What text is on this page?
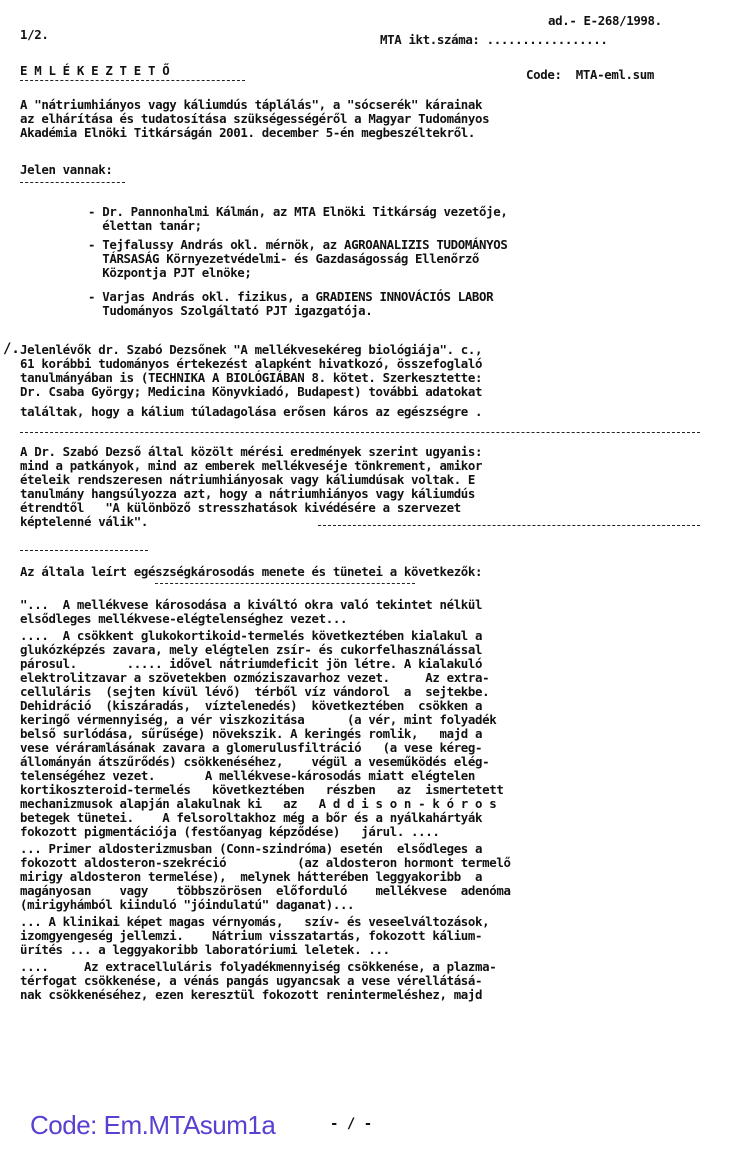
1/2.
ad.- E-268/1998.
MTA ikt.száma: .................
E M L É K E Z T E T Ő	Code:  MTA-eml.sum
A "nátriumhiányos vagy káliumdús táplálás", a "sócserék" kárainak
az elhárítása és tudatosítása szükségességéről a Magyar Tudományos
Akadémia Elnöki Titkárságán 2001. december 5-én megbeszéltekről.
Jelen vannak:
- Dr. Pannonhalmi Kálmán, az MTA Elnöki Titkárság vezetője,
élettan tanár;
- Tejfalussy András okl. mérnök, az AGROANALIZIS TUDOMÁNYOS
TÁRSASÁG Környezetvédelmi- és Gazdaságosság Ellenőrző
Központja PJT elnöke;
- Varjas András okl. fizikus, a GRADIENS INNOVÁCIÓS LABOR
Tudományos Szolgáltató PJT igazgatója.
/. Jelenlévők dr. Szabó Dezsőnek "A mellékvesekéreg biológiája". c.,
61 korábbi tudományos értekezést alapként hivatkozó, összefoglaló
tanulmányában is (TECHNIKA A BIOLÓGIÁBAN 8. kötet. Szerkesztette:
Dr. Csaba György; Medicina Könyvkiadó, Budapest) további adatokat
találtak, hogy a kálium túladagolása erősen káros az egészségre .
A Dr. Szabó Dezső által közölt mérési eredmények szerint ugyanis:
mind a patkányok, mind az emberek mellékveséje tönkrement, amikor
ételeik rendszeresen nátriumhiányosak vagy káliumdúsak voltak. E
tanulmány hangsúlyozza azt, hogy a nátriumhiányos vagy káliumdús
étrendtől   "A különböző stresszhatások kivédésére a szervezet
képtelenné válik".
Az általa leírt egészségkárosodás menete és tünetei a következők:
"...  A mellékvese károsodása a kiváltó okra való tekintet nélkül
elsődleges mellékvese-elégtelenséghez vezet...
....  A csökkent glukokortikoid-termelés következtében kialakul a
glukózképzés zavara, mely elégtelen zsír- és cukorfelhasználással
párosul.       ..... idővel nátriumdeficit jön létre. A kialakuló
elektrolitzavar a szövetekben ozmóziszavarhoz vezet.     Az extra-
celluláris  (sejten kívül lévő)  térből víz vándorol  a  sejtekbe.
Dehidráció  (kiszáradás,  víztelenedés)  következtében  csökken a
keringő vérmennyiség, a vér viszkozitása      (a vér, mint folyadék
belső surlódása, sűrűsége) növekszik. A keringés romlik,   majd a
vese véráramlásának zavara a glomerulusfiltráció   (a vese kéreg-
állományán átszűrődés) csökkenéséhez,    végül a veseműködés elég-
telenségéhez vezet.       A mellékvese-károsodás miatt elégtelen
kortikoszteroid-termelés   következtében   részben   az  ismertetett
mechanizmusok alapján alakulnak ki   az   A d d i s o n - k ó r o s
betegek tünetei.    A felsoroltakhoz még a bőr és a nyálkahártyák
fokozott pigmentációja (festőanyag képződése)   járul. ....
... Primer aldosterizmusban (Conn-szindróma) esetén  elsődleges a
fokozott aldosteron-szekréció          (az aldosteron hormont termelő
mirigy aldosteron termelése),  melynek hátterében leggyakoribb  a
magányosan    vagy    többszörösen  előforduló    mellékvese  adenóma
(mirigyhámból kiinduló "jóindulatú" daganat)...
... A klinikai képet magas vérnyomás,   szív- és veseelváltozások,
izomgyengeség jellemzi.    Nátrium visszatartás, fokozott kálium-
ürítés ... a leggyakoribb laboratóriumi leletek. ...
....     Az extracelluláris folyadékmennyiség csökkenése, a plazma-
térfogat csökkenése, a vénás pangás ugyancsak a vese vérellátásá-
nak csökkenéséhez, ezen keresztül fokozott renintermeléshez, majd
Code: Em.MTAsum1a	- / -
